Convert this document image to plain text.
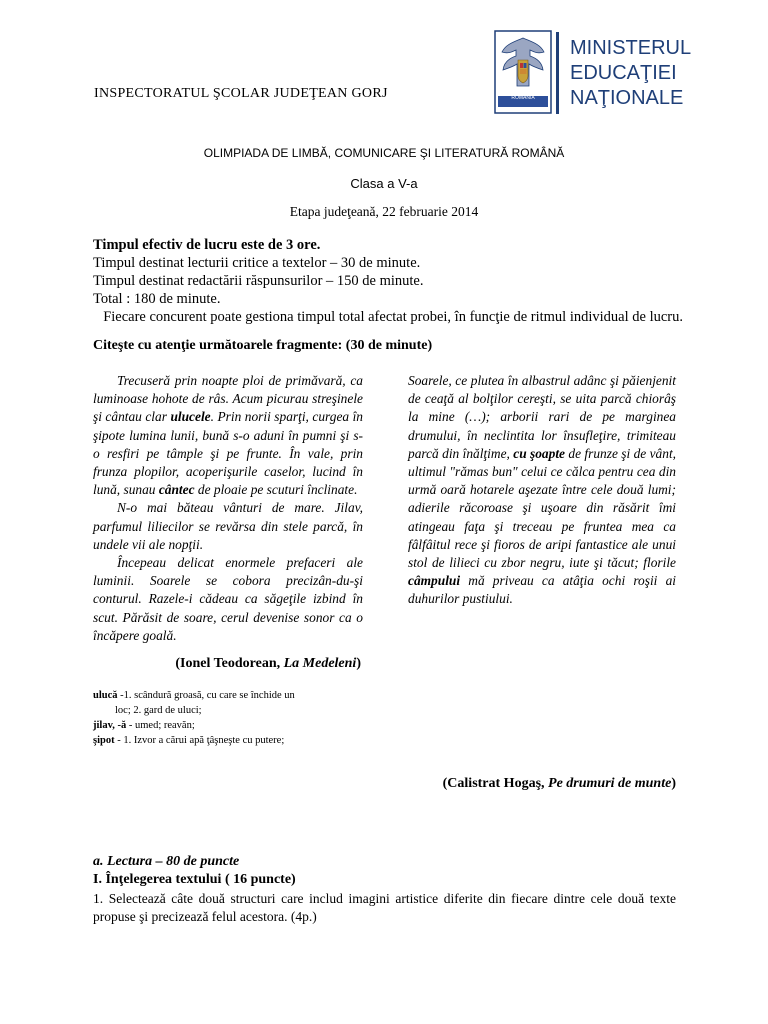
INSPECTORATUL ŞCOLAR JUDEŢEAN GORJ	ROMÂNIA
MINISTERUL
EDUCAŢIEI
NAŢIONALE
OLIMPIADA DE LIMBĂ, COMUNICARE ŞI LITERATURĂ ROMÂNĂ
Clasa a V-a
Etapa judeţeană, 22 februarie 2014
Timpul efectiv de lucru este de 3 ore.
Timpul destinat lecturii critice a textelor – 30 de minute.
Timpul destinat redactării răspunsurilor – 150 de minute.
Total : 180 de minute.
Fiecare concurent poate gestiona timpul total afectat probei, în funcţie de ritmul individual de lucru.
Citeşte cu atenţie următoarele fragmente: (30 de minute)

Trecuseră prin noapte ploi de primăvară, ca luminoase hohote de râs. Acum picurau streşinele şi cântau clar ulucele. Prin norii sparţi, curgea în şipote lumina lunii, bună s-o aduni în pumni şi s-o resfiri pe tâmple şi pe frunte. În vale, prin frunza plopilor, acoperişurile caselor, lucind în lună, sunau cântec de ploaie pe scuturi înclinate.

N-o mai băteau vânturi de mare. Jilav, parfumul liliecilor se revărsa din stele parcă, în undele vii ale nopţii.

Începeau delicat enormele prefaceri ale luminii. Soarele se cobora precizân-du-şi conturul. Razele-i cădeau ca săgeţile izbind în scut. Părăsit de soare, cerul devenise sonor ca o încăpere goală.

(Ionel Teodorean, La Medeleni)
ulucă -1. scândură groasă, cu care se închide un
loc; 2. gard de uluci;
jilav, -ă - umed; reavăn;
şipot - 1. Izvor a cărui apă ţâşneşte cu putere;

Soarele, ce plutea în albastrul adânc şi păienjenit de ceaţă al bolţilor cereşti, se uita parcă chiorâş la mine (…); arborii rari de pe marginea drumului, în neclintita lor însufleţire, trimiteau parcă din înălţime, cu şoapte de frunze şi de vânt, ultimul "rămas bun" celui ce călca pentru cea din urmă oară hotarele aşezate între cele două lumi; adierile răcoroase şi uşoare din răsărit îmi atingeau faţa şi treceau pe fruntea mea ca fâlfâitul rece şi fioros de aripi fantastice ale unui stol de lilieci cu zbor negru, iute şi tăcut; florile câmpului mă priveau ca atâţia ochi roşii ai duhurilor pustiului.

(Calistrat Hogaş, Pe drumuri de munte)
a. Lectura – 80 de puncte
I. Înţelegerea textului ( 16 puncte)
1. Selectează câte două structuri care includ imagini artistice diferite din fiecare dintre cele două texte propuse şi precizează felul acestora. (4p.)
